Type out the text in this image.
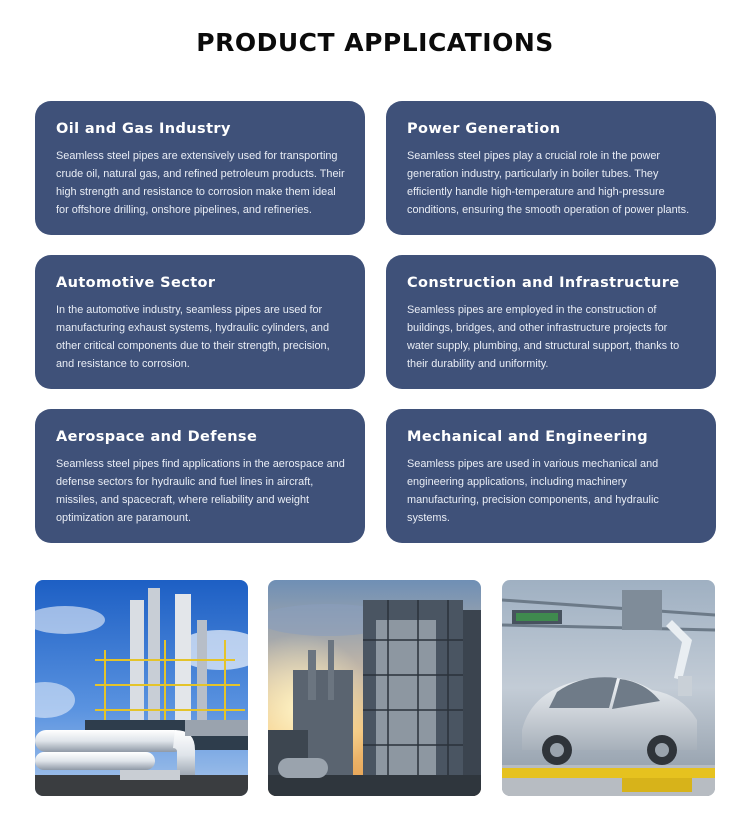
PRODUCT APPLICATIONS
Oil and Gas Industry

Seamless steel pipes are extensively used for transporting crude oil, natural gas, and refined petroleum products. Their high strength and resistance to corrosion make them ideal for offshore drilling, onshore pipelines, and refineries.

Power Generation

Seamless steel pipes play a crucial role in the power generation industry, particularly in boiler tubes. They efficiently handle high-temperature and high-pressure conditions, ensuring the smooth operation of power plants.

Automotive Sector

In the automotive industry, seamless pipes are used for manufacturing exhaust systems, hydraulic cylinders, and other critical components due to their strength, precision, and resistance to corrosion.

Construction and Infrastructure

Seamless pipes are employed in the construction of buildings, bridges, and other infrastructure projects for water supply, plumbing, and structural support, thanks to their durability and uniformity.

Aerospace and Defense

Seamless steel pipes find applications in the aerospace and defense sectors for hydraulic and fuel lines in aircraft, missiles, and spacecraft, where reliability and weight optimization are paramount.

Mechanical and Engineering

Seamless pipes are used in various mechanical and engineering applications, including machinery manufacturing, precision components, and hydraulic systems.
